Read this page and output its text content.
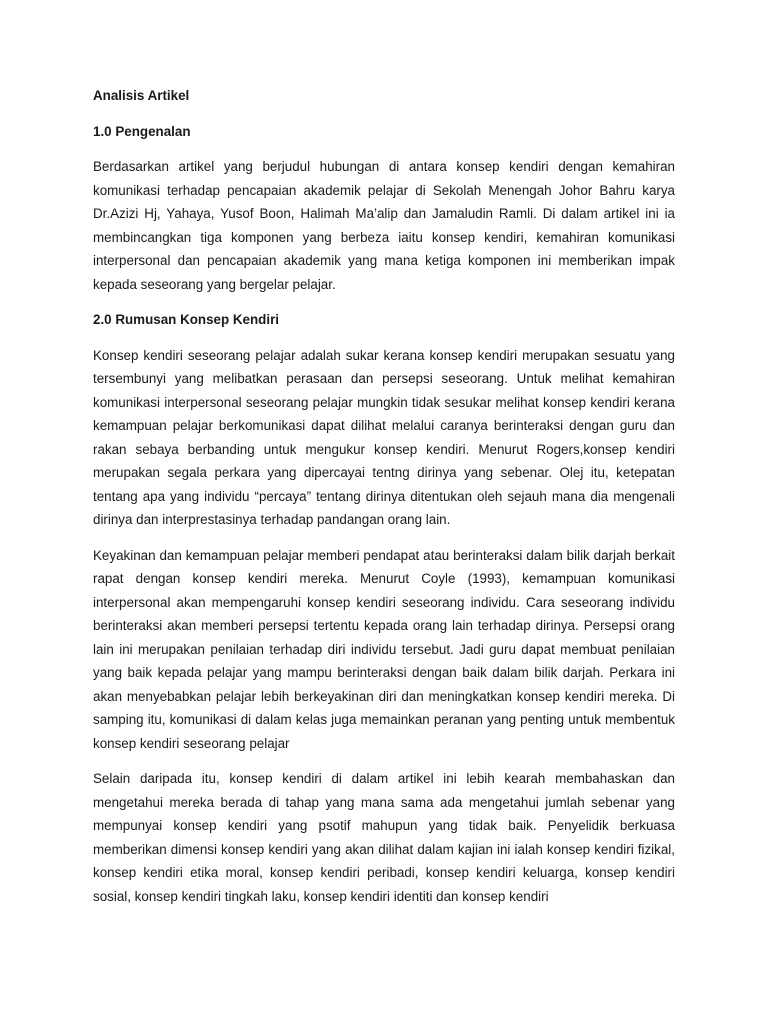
Analisis Artikel
1.0 Pengenalan

Berdasarkan artikel yang berjudul hubungan di antara konsep kendiri dengan kemahiran komunikasi terhadap pencapaian akademik pelajar di Sekolah Menengah Johor Bahru karya Dr.Azizi Hj, Yahaya, Yusof Boon, Halimah Ma’alip dan Jamaludin Ramli. Di dalam artikel ini ia membincangkan tiga komponen yang berbeza iaitu konsep kendiri, kemahiran komunikasi interpersonal dan pencapaian akademik yang mana ketiga komponen ini memberikan impak kepada seseorang yang bergelar pelajar.

2.0 Rumusan Konsep Kendiri

Konsep kendiri seseorang pelajar adalah sukar kerana konsep kendiri merupakan sesuatu yang tersembunyi yang melibatkan perasaan dan persepsi seseorang. Untuk melihat kemahiran komunikasi interpersonal seseorang pelajar mungkin tidak sesukar melihat konsep kendiri kerana kemampuan pelajar berkomunikasi dapat dilihat melalui caranya berinteraksi dengan guru dan rakan sebaya berbanding untuk mengukur konsep kendiri. Menurut Rogers,konsep kendiri merupakan segala perkara yang dipercayai tentng dirinya yang sebenar. Olej itu, ketepatan tentang apa yang individu “percaya” tentang dirinya ditentukan oleh sejauh mana dia mengenali dirinya dan interprestasinya terhadap pandangan orang lain.

Keyakinan dan kemampuan pelajar memberi pendapat atau berinteraksi dalam bilik darjah berkait rapat dengan konsep kendiri mereka. Menurut Coyle (1993), kemampuan komunikasi interpersonal akan mempengaruhi konsep kendiri seseorang individu. Cara seseorang individu berinteraksi akan memberi persepsi tertentu kepada orang lain terhadap dirinya. Persepsi orang lain ini merupakan penilaian terhadap diri individu tersebut. Jadi guru dapat membuat penilaian yang baik kepada pelajar yang mampu berinteraksi dengan baik dalam bilik darjah. Perkara ini akan menyebabkan pelajar lebih berkeyakinan diri dan meningkatkan konsep kendiri mereka. Di samping itu, komunikasi di dalam kelas juga memainkan peranan yang penting untuk membentuk konsep kendiri seseorang pelajar

Selain daripada itu, konsep kendiri di dalam artikel ini lebih kearah membahaskan dan mengetahui mereka berada di tahap yang mana sama ada mengetahui jumlah sebenar yang mempunyai konsep kendiri yang psotif mahupun yang tidak baik. Penyelidik berkuasa memberikan dimensi konsep kendiri yang akan dilihat dalam kajian ini ialah konsep kendiri fizikal, konsep kendiri etika moral, konsep kendiri peribadi, konsep kendiri keluarga, konsep kendiri sosial, konsep kendiri tingkah laku, konsep kendiri identiti dan konsep kendiri
